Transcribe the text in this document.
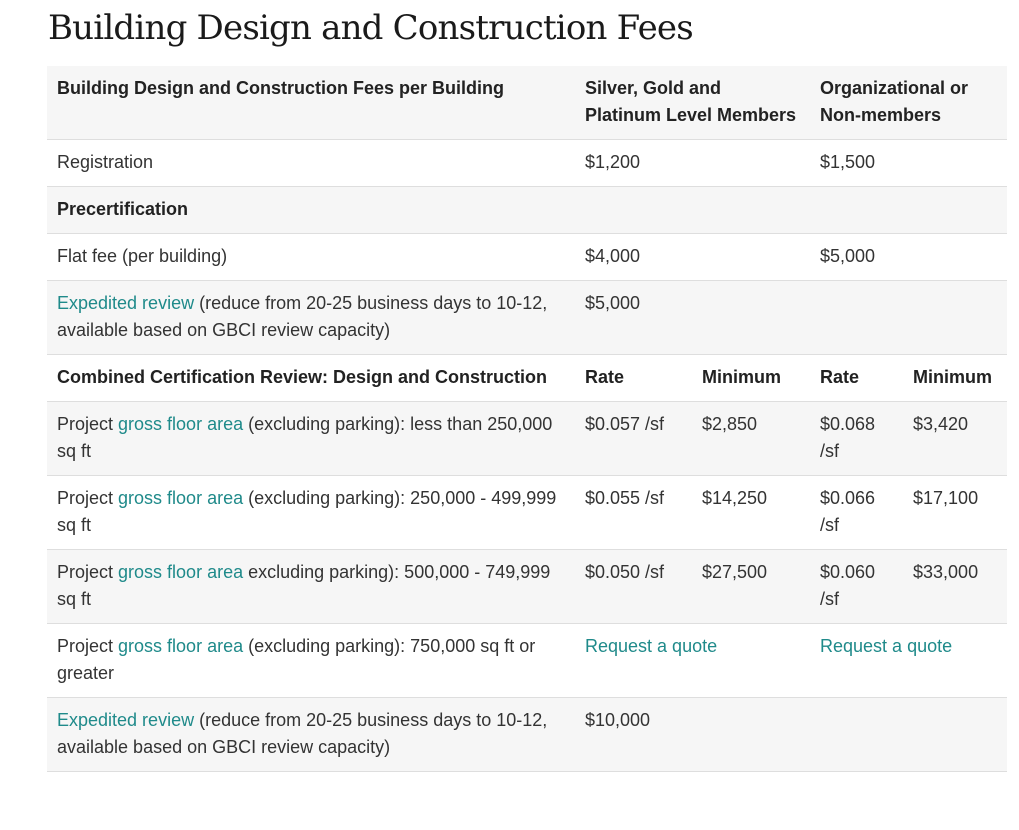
Building Design and Construction Fees
Building Design and Construction Fees per Building	Silver, Gold and Platinum Level Members		Organizational or Non-members	
Registration	$1,200		$1,500	
Precertification				
Flat fee (per building)	$4,000		$5,000	
Expedited review (reduce from 20-25 business days to 10-12, available based on GBCI review capacity)	$5,000			
Combined Certification Review: Design and Construction	Rate	Minimum	Rate	Minimum
Project gross floor area (excluding parking): less than 250,000 sq ft	$0.057 /sf	$2,850	$0.068 /sf	$3,420
Project gross floor area (excluding parking): 250,000 - 499,999 sq ft	$0.055 /sf	$14,250	$0.066 /sf	$17,100
Project gross floor area excluding parking): 500,000 - 749,999 sq ft	$0.050 /sf	$27,500	$0.060 /sf	$33,000
Project gross floor area (excluding parking): 750,000 sq ft or greater	Request a quote		Request a quote	
Expedited review (reduce from 20-25 business days to 10-12, available based on GBCI review capacity)	$10,000			
